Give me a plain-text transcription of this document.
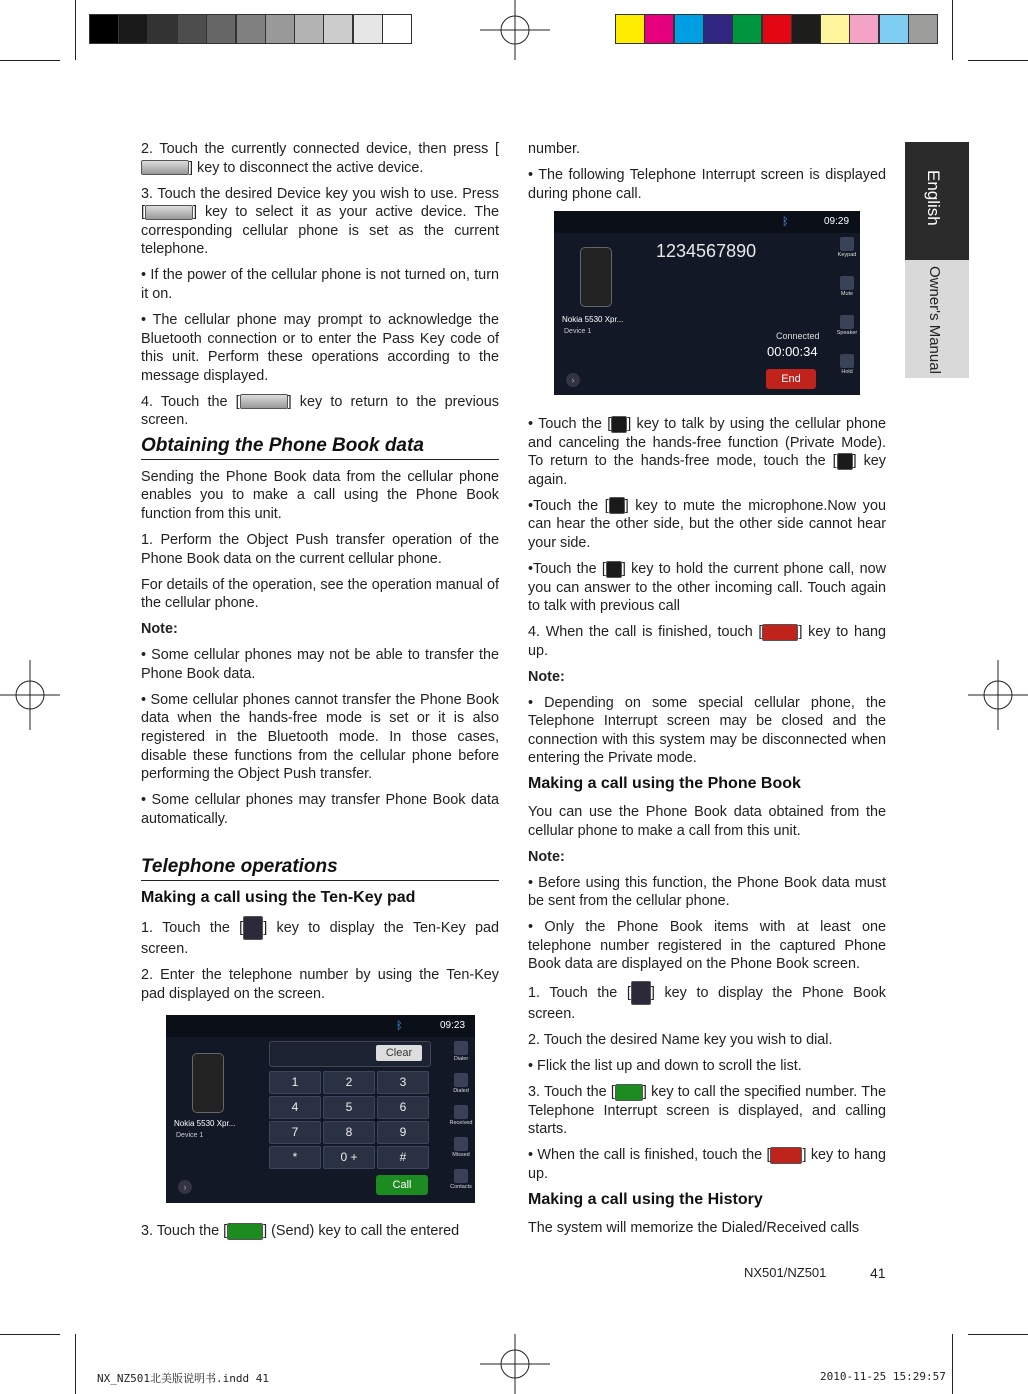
English
Owner's Manual

2. Touch the currently connected device, then press [] key to disconnect the active device.

3. Touch the desired Device key you wish to use. Press [	] key to select it as your active device. The corresponding cellular phone is set as the current telephone.

• If the power of the cellular phone is not turned on, turn it on.

• The cellular phone may prompt to acknowledge the Bluetooth connection or to enter the Pass Key code of this unit. Perform these operations according to the message displayed.

4. Touch the [	] key to return to the previous screen.

Obtaining the Phone Book data

Sending the Phone Book data from the cellular phone enables you to make a call using the Phone Book function from this unit.

1. Perform the Object Push transfer operation of the Phone Book data on the current cellular phone.

For details of the operation, see the operation manual of the cellular phone.

Note:

• Some cellular phones may not be able to transfer the Phone Book data.

• Some cellular phones cannot transfer the Phone Book data when the hands-free mode is set or it is also registered in the Bluetooth mode. In those cases, disable these functions from the cellular phone before performing the Object Push transfer.

• Some cellular phones may transfer Phone Book data automatically.

Telephone operations
Making a call using the Ten-Key pad

1. Touch the [ ] key to display the Ten-Key pad screen.

2. Enter the telephone number by using the Ten-Key pad displayed on the screen.

ᛒ	09:23
Nokia 5530 Xpr...
Device 1
Clear
1	2	3
4	5	6
7	8	9
*	0 +	#
Call
Dialer
Dialed
Received
Missed
Contacts
›

3. Touch the [	] (Send) key to call the entered

number.

• The following Telephone Interrupt screen is displayed during phone call.

ᛒ	09:29
1234567890
Nokia 5530 Xpr...
Device 1	Connected
00:00:34
End
Keypad
Mute
Speaker
Hold
›

• Touch the [ ] key to talk by using the cellular phone and canceling the hands-free function (Private Mode). To return to the hands-free mode, touch the [ ] key again.

•Touch the [ ] key to mute the microphone.Now you can hear the other side, but the other side cannot hear your side.

•Touch the [ ] key to hold the current phone call, now you can answer to the other incoming call. Touch again to talk with previous call

4. When the call is finished, touch [	] key to hang up.

Note:

• Depending on some special cellular phone, the Telephone Interrupt screen may be closed and the connection with this system may be disconnected when entering the Private mode.

Making a call using the Phone Book

You can use the Phone Book data obtained from the cellular phone to make a call from this unit.

Note:

• Before using this function, the Phone Book data must be sent from the cellular phone.

• Only the Phone Book items with at least one telephone number registered in the captured Phone Book data are displayed on the Phone Book screen.

1. Touch the [ ] key to display the Phone Book screen.

2. Touch the desired Name key you wish to dial.

• Flick the list up and down to scroll the list.

3. Touch the [ ] key to call the specified number. The Telephone Interrupt screen is displayed, and calling starts.

• When the call is finished, touch the [ ] key to hang up.

Making a call using the History

The system will memorize the Dialed/Received calls

NX501/NZ501	41
NX_NZ501北美版说明书.indd 41	2010-11-25 15:29:57
